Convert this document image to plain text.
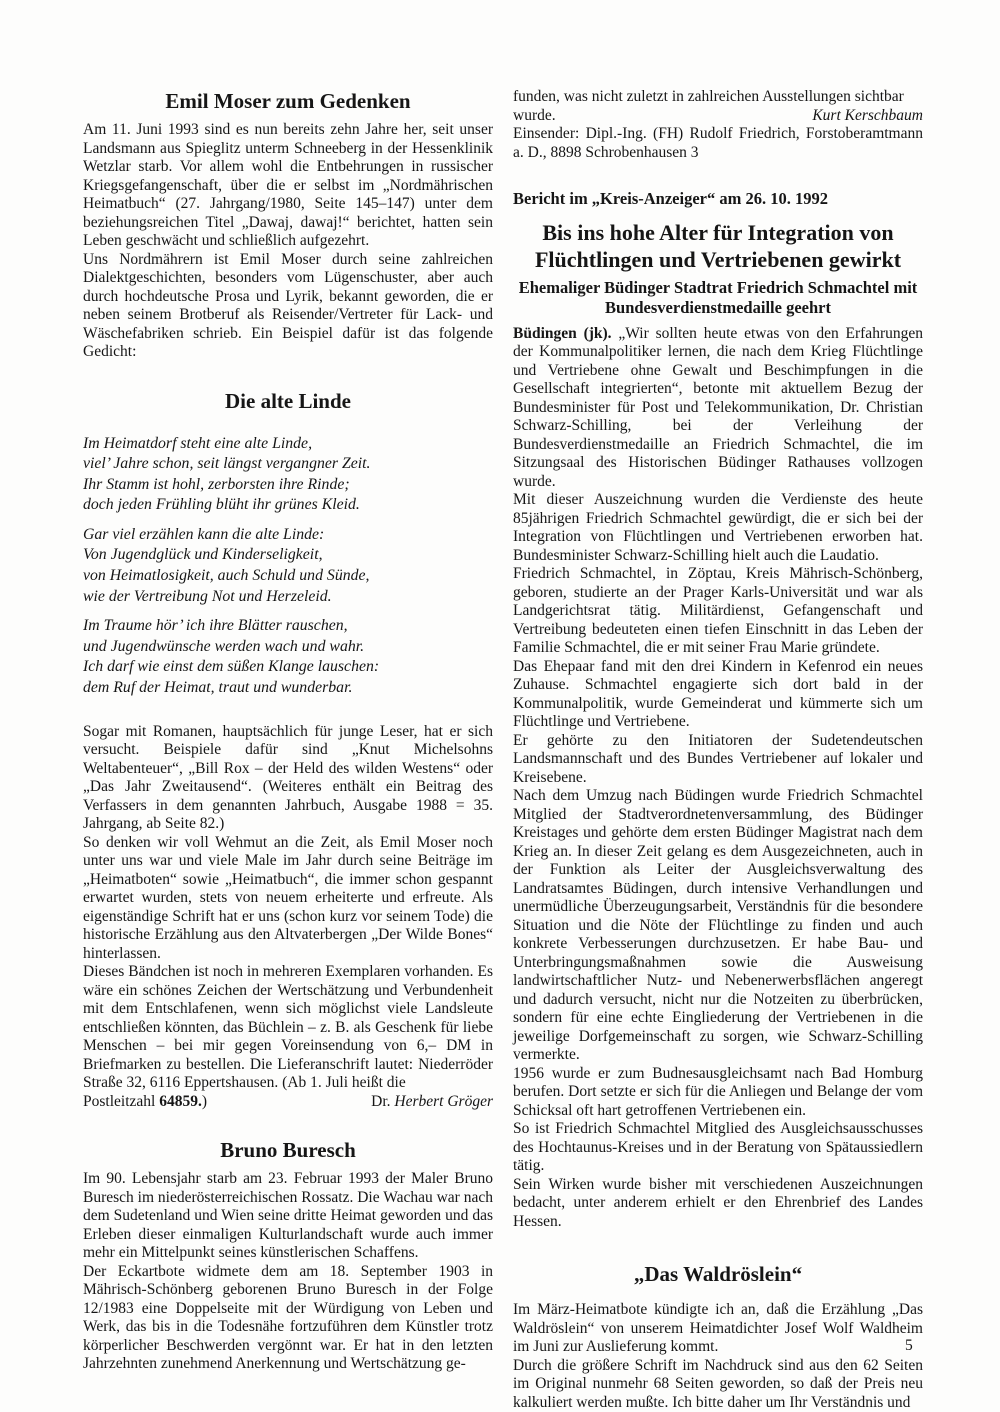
Emil Moser zum Gedenken

Am 11. Juni 1993 sind es nun bereits zehn Jahre her, seit unser Landsmann aus Spieglitz unterm Schneeberg in der Hessenklinik Wetzlar starb. Vor allem wohl die Entbehrungen in russischer Kriegsgefangenschaft, über die er selbst im „Nordmährischen Heimatbuch“ (27. Jahrgang/1980, Seite 145–147) unter dem beziehungsreichen Titel „Dawaj, dawaj!“ berichtet, hatten sein Leben geschwächt und schließlich aufgezehrt.

Uns Nordmährern ist Emil Moser durch seine zahlreichen Dialektgeschichten, besonders vom Lügenschuster, aber auch durch hochdeutsche Prosa und Lyrik, bekannt geworden, die er neben seinem Brotberuf als Reisender/Vertreter für Lack- und Wäschefabriken schrieb. Ein Beispiel dafür ist das folgende Gedicht:

Die alte Linde
Im Heimatdorf steht eine alte Linde,
viel’ Jahre schon, seit längst vergangner Zeit.
Ihr Stamm ist hohl, zerborsten ihre Rinde;
doch jeden Frühling blüht ihr grünes Kleid.
Gar viel erzählen kann die alte Linde:
Von Jugendglück und Kinderseligkeit,
von Heimatlosigkeit, auch Schuld und Sünde,
wie der Vertreibung Not und Herzeleid.
Im Traume hör’ ich ihre Blätter rauschen,
und Jugendwünsche werden wach und wahr.
Ich darf wie einst dem süßen Klange lauschen:
dem Ruf der Heimat, traut und wunderbar.

Sogar mit Romanen, hauptsächlich für junge Leser, hat er sich versucht. Beispiele dafür sind „Knut Michelsohns Weltabenteuer“, „Bill Rox – der Held des wilden Westens“ oder „Das Jahr Zweitausend“. (Weiteres enthält ein Beitrag des Verfassers in dem genannten Jahrbuch, Ausgabe 1988 = 35. Jahrgang, ab Seite 82.)

So denken wir voll Wehmut an die Zeit, als Emil Moser noch unter uns war und viele Male im Jahr durch seine Beiträge im „Heimatboten“ sowie „Heimatbuch“, die immer schon gespannt erwartet wurden, stets von neuem erheiterte und erfreute. Als eigenständige Schrift hat er uns (schon kurz vor seinem Tode) die historische Erzählung aus den Altvaterbergen „Der Wilde Bones“ hinterlassen.

Dieses Bändchen ist noch in mehreren Exemplaren vorhanden. Es wäre ein schönes Zeichen der Wertschätzung und Verbundenheit mit dem Entschlafenen, wenn sich möglichst viele Landsleute entschließen könnten, das Büchlein – z. B. als Geschenk für liebe Menschen – bei mir gegen Voreinsendung von 6,– DM in Briefmarken zu bestellen. Die Lieferanschrift lautet: Niederröder Straße 32, 6116 Eppertshausen. (Ab 1. Juli heißt die

Postleitzahl 64859.)	Dr. Herbert Gröger
Bruno Buresch

Im 90. Lebensjahr starb am 23. Februar 1993 der Maler Bruno Buresch im niederösterreichischen Rossatz. Die Wachau war nach dem Sudetenland und Wien seine dritte Heimat geworden und das Erleben dieser einmaligen Kulturlandschaft wurde auch immer mehr ein Mittelpunkt seines künstlerischen Schaffens.

Der Eckartbote widmete dem am 18. September 1903 in Mährisch-Schönberg geborenen Bruno Buresch in der Folge 12/1983 eine Doppelseite mit der Würdigung von Leben und Werk, das bis in die Todesnähe fortzuführen dem Künstler trotz körperlicher Beschwerden vergönnt war. Er hat in den letzten Jahrzehnten zunehmend Anerkennung und Wertschätzung ge-

funden, was nicht zuletzt in zahlreichen Ausstellungen sichtbar

wurde.	Kurt Kerschbaum

Einsender: Dipl.-Ing. (FH) Rudolf Friedrich, Forstoberamtmann a. D., 8898 Schrobenhausen 3

Bericht im „Kreis-Anzeiger“ am 26. 10. 1992

Bis ins hohe Alter für Integration von Flüchtlingen und Vertriebenen gewirkt
Ehemaliger Büdinger Stadtrat Friedrich Schmachtel mit Bundesverdienstmedaille geehrt

Büdingen (jk). „Wir sollten heute etwas von den Erfahrungen der Kommunalpolitiker lernen, die nach dem Krieg Flüchtlinge und Vertriebene ohne Gewalt und Beschimpfungen in die Gesellschaft integrierten“, betonte mit aktuellem Bezug der Bundesminister für Post und Telekommunikation, Dr. Christian Schwarz-Schilling, bei der Verleihung der Bundesverdienstmedaille an Friedrich Schmachtel, die im Sitzungsaal des Historischen Büdinger Rathauses vollzogen wurde.

Mit dieser Auszeichnung wurden die Verdienste des heute 85jährigen Friedrich Schmachtel gewürdigt, die er sich bei der Integration von Flüchtlingen und Vertriebenen erworben hat. Bundesminister Schwarz-Schilling hielt auch die Laudatio.

Friedrich Schmachtel, in Zöptau, Kreis Mährisch-Schönberg, geboren, studierte an der Prager Karls-Universität und war als Landgerichtsrat tätig. Militärdienst, Gefangenschaft und Vertreibung bedeuteten einen tiefen Einschnitt in das Leben der Familie Schmachtel, die er mit seiner Frau Marie gründete.

Das Ehepaar fand mit den drei Kindern in Kefenrod ein neues Zuhause. Schmachtel engagierte sich dort bald in der Kommunalpolitik, wurde Gemeinderat und kümmerte sich um Flüchtlinge und Vertriebene.

Er gehörte zu den Initiatoren der Sudetendeutschen Landsmannschaft und des Bundes Vertriebener auf lokaler und Kreisebene.

Nach dem Umzug nach Büdingen wurde Friedrich Schmachtel Mitglied der Stadtverordnetenversammlung, des Büdinger Kreistages und gehörte dem ersten Büdinger Magistrat nach dem Krieg an. In dieser Zeit gelang es dem Ausgezeichneten, auch in der Funktion als Leiter der Ausgleichsverwaltung des Landratsamtes Büdingen, durch intensive Verhandlungen und unermüdliche Überzeugungsarbeit, Verständnis für die besondere Situation und die Nöte der Flüchtlinge zu finden und auch konkrete Verbesserungen durchzusetzen. Er habe Bau- und Unterbringungsmaßnahmen sowie die Ausweisung landwirtschaftlicher Nutz- und Nebenerwerbsflächen angeregt und dadurch versucht, nicht nur die Notzeiten zu überbrücken, sondern für eine echte Eingliederung der Vertriebenen in die jeweilige Dorfgemeinschaft zu sorgen, wie Schwarz-Schilling vermerkte.

1956 wurde er zum Budnesausgleichsamt nach Bad Homburg berufen. Dort setzte er sich für die Anliegen und Belange der vom Schicksal oft hart getroffenen Vertriebenen ein.

So ist Friedrich Schmachtel Mitglied des Ausgleichsausschusses des Hochtaunus-Kreises und in der Beratung von Spätaussiedlern tätig.

Sein Wirken wurde bisher mit verschiedenen Auszeichnungen bedacht, unter anderem erhielt er den Ehrenbrief des Landes Hessen.

„Das Waldröslein“

Im März-Heimatbote kündigte ich an, daß die Erzählung „Das Waldröslein“ von unserem Heimatdichter Josef Wolf Waldheim im Juni zur Auslieferung kommt.

Durch die größere Schrift im Nachdruck sind aus den 62 Seiten im Original nunmehr 68 Seiten geworden, so daß der Preis neu kalkuliert werden mußte. Ich bitte daher um Ihr Verständnis und

5
